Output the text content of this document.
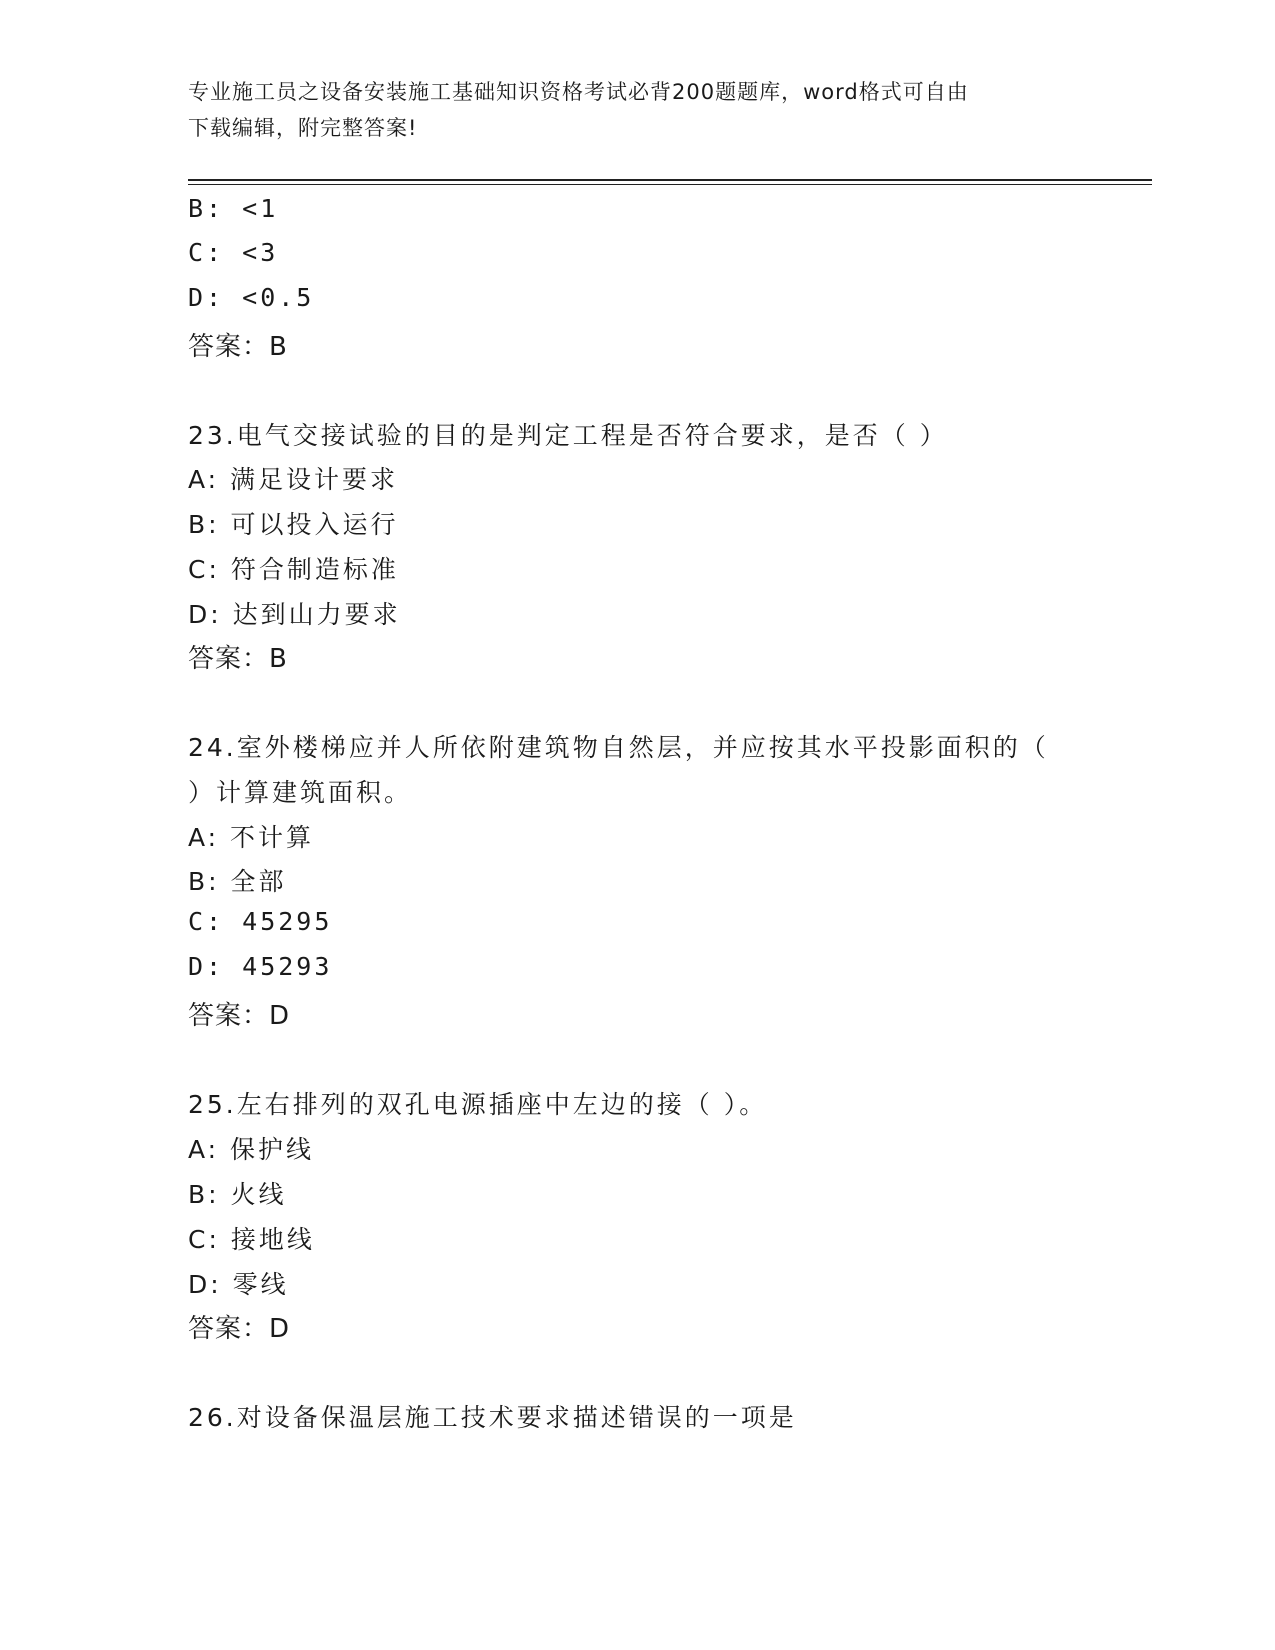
专业施工员之设备安装施工基础知识资格考试必背200题题库，word格式可自由
下载编辑，附完整答案!
B: <1
C: <3
D: <0.5
答案：B
23.电气交接试验的目的是判定工程是否符合要求，是否（ ）
A: 满足设计要求
B: 可以投入运行
C: 符合制造标准
D: 达到山力要求
答案：B
24.室外楼梯应并人所依附建筑物自然层，并应按其水平投影面积的（
）计算建筑面积。
A: 不计算
B: 全部
C: 45295
D: 45293
答案：D
25.左右排列的双孔电源插座中左边的接（ ）。
A: 保护线
B: 火线
C: 接地线
D: 零线
答案：D
26.对设备保温层施工技术要求描述错误的一项是
